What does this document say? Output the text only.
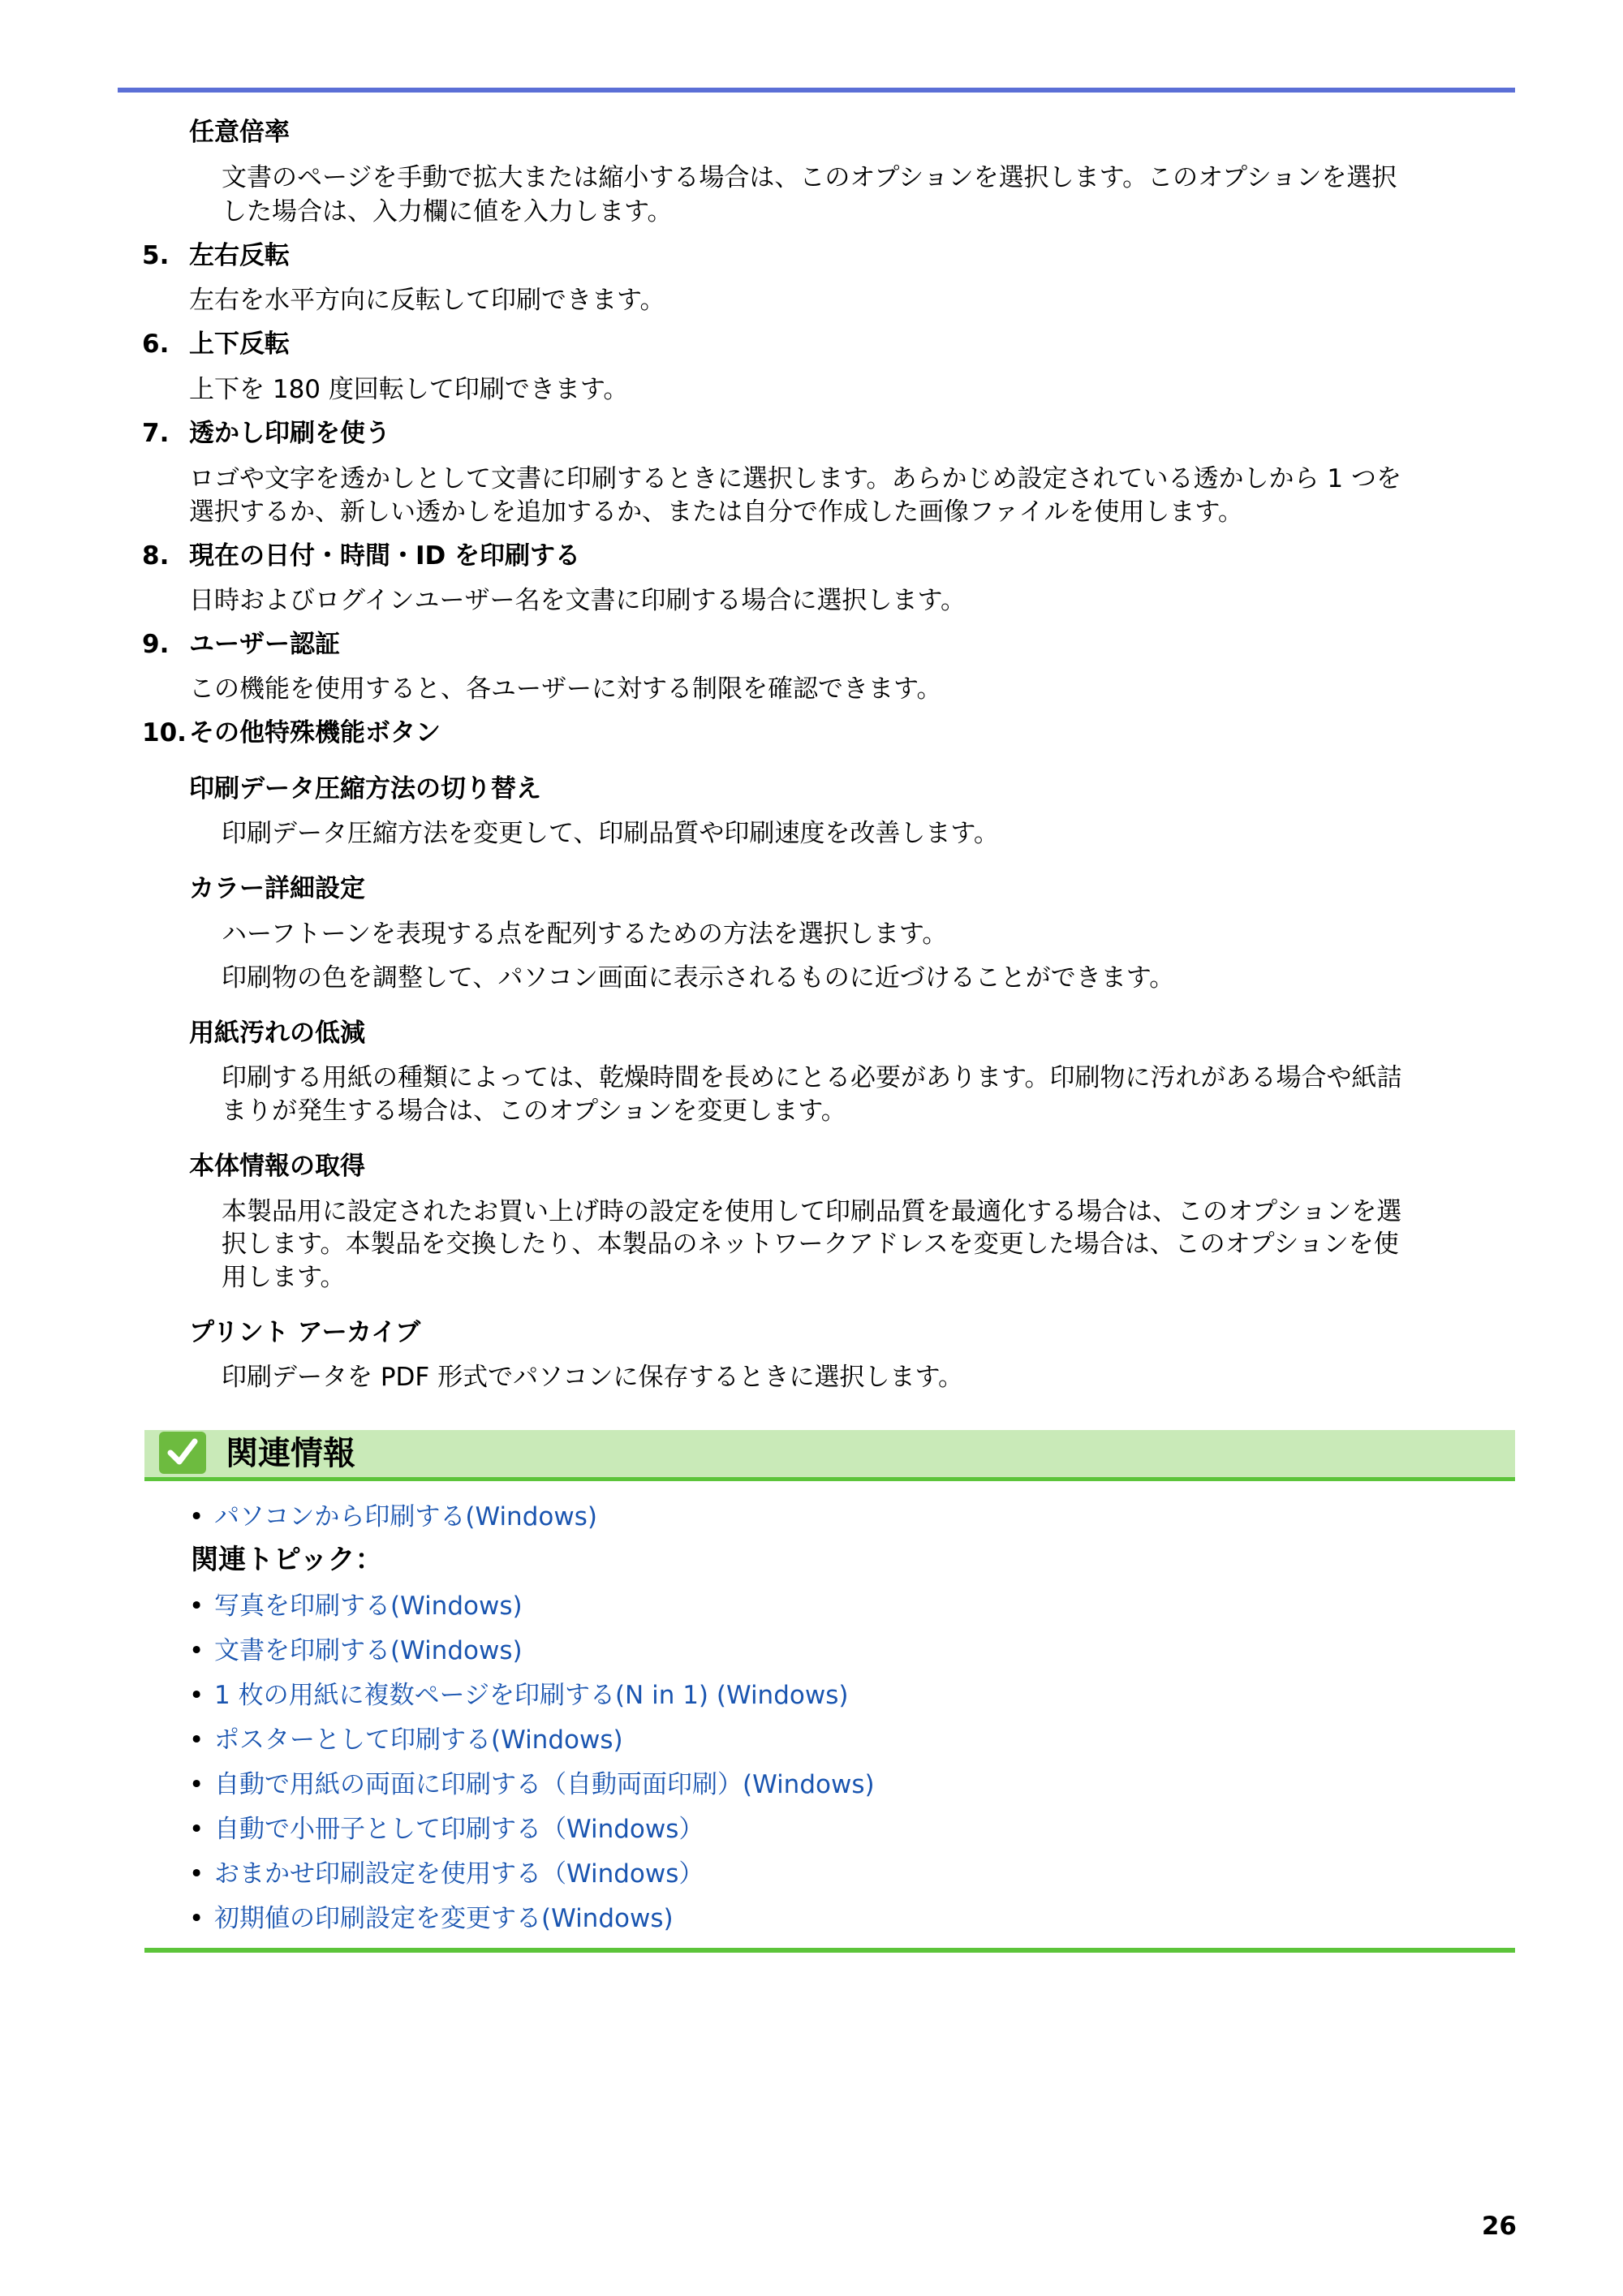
任意倍率
文書のページを手動で拡大または縮小する場合は、このオプションを選択します。このオプションを選択
した場合は、入力欄に値を入力します。
5. 左右反転
左右を水平方向に反転して印刷できます。
6. 上下反転
上下を 180 度回転して印刷できます。
7. 透かし印刷を使う
ロゴや文字を透かしとして文書に印刷するときに選択します。あらかじめ設定されている透かしから 1 つを
選択するか、新しい透かしを追加するか、または自分で作成した画像ファイルを使用します。
8. 現在の日付・時間・ID を印刷する
日時およびログインユーザー名を文書に印刷する場合に選択します。
9. ユーザー認証
この機能を使用すると、各ユーザーに対する制限を確認できます。
10. その他特殊機能ボタン
印刷データ圧縮方法の切り替え
印刷データ圧縮方法を変更して、印刷品質や印刷速度を改善します。
カラー詳細設定
ハーフトーンを表現する点を配列するための方法を選択します。
印刷物の色を調整して、パソコン画面に表示されるものに近づけることができます。
用紙汚れの低減
印刷する用紙の種類によっては、乾燥時間を長めにとる必要があります。印刷物に汚れがある場合や紙詰
まりが発生する場合は、このオプションを変更します。
本体情報の取得
本製品用に設定されたお買い上げ時の設定を使用して印刷品質を最適化する場合は、このオプションを選
択します。本製品を交換したり、本製品のネットワークアドレスを変更した場合は、このオプションを使
用します。
プリント アーカイブ
印刷データを PDF 形式でパソコンに保存するときに選択します。
関連情報
• パソコンから印刷する(Windows)
関連トピック：
• 写真を印刷する(Windows)
• 文書を印刷する(Windows)
• 1 枚の用紙に複数ページを印刷する(N in 1) (Windows)
• ポスターとして印刷する(Windows)
• 自動で用紙の両面に印刷する（自動両面印刷）(Windows)
• 自動で小冊子として印刷する（Windows）
• おまかせ印刷設定を使用する（Windows）
• 初期値の印刷設定を変更する(Windows)
26
